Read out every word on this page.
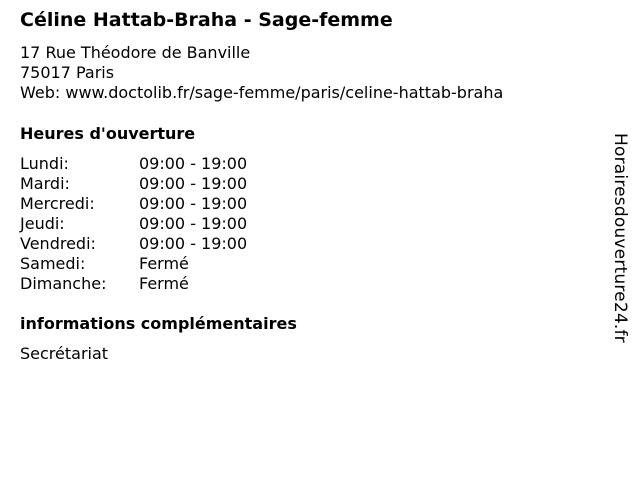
Céline Hattab-Braha - Sage-femme
17 Rue Théodore de Banville
75017 Paris
Web: www.doctolib.fr/sage-femme/paris/celine-hattab-braha
Heures d'ouverture
Lundi:	09:00 - 19:00
Mardi:	09:00 - 19:00
Mercredi:	09:00 - 19:00
Jeudi:	09:00 - 19:00
Vendredi:	09:00 - 19:00
Samedi:	Fermé
Dimanche:	Fermé
informations complémentaires
Secrétariat
Horairesdouverture24.fr
